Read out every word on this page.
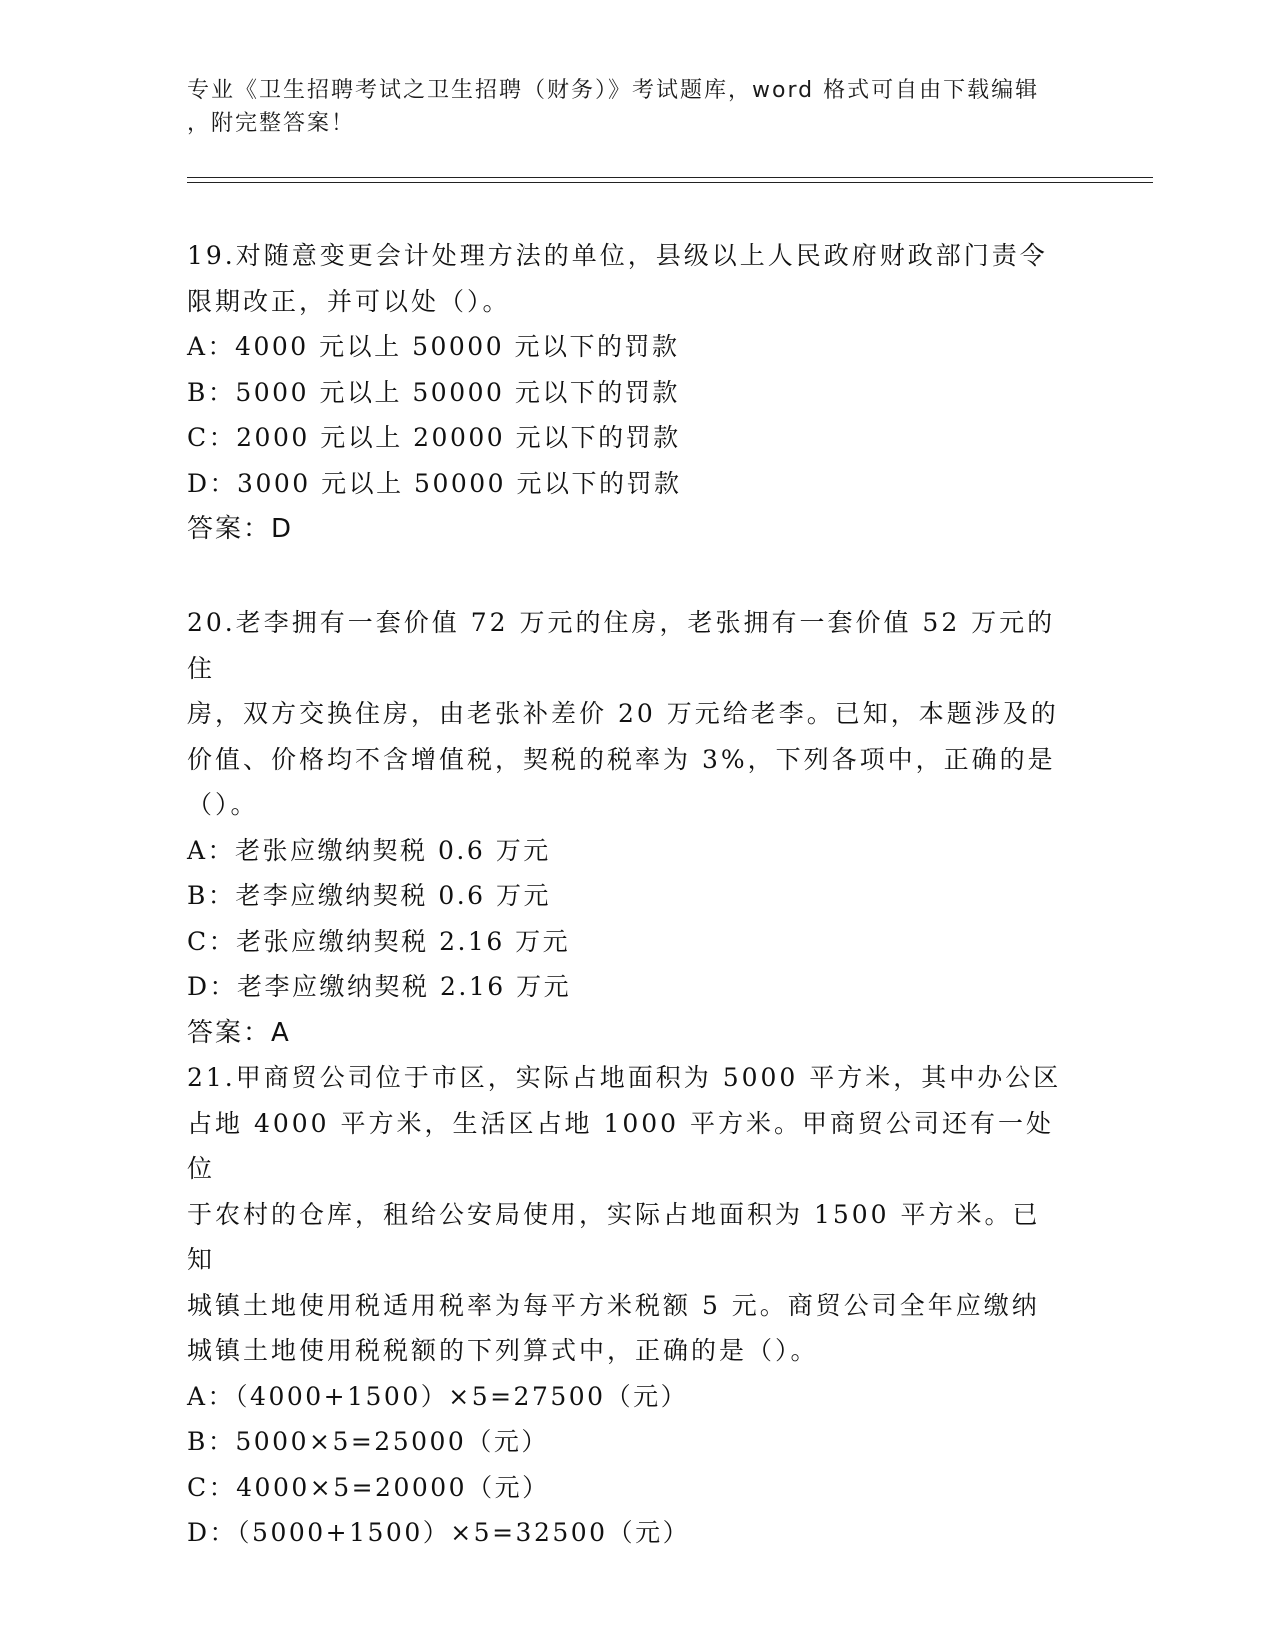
专业《卫生招聘考试之卫生招聘（财务）》考试题库，word 格式可自由下载编辑
，附完整答案！

19.对随意变更会计处理方法的单位，县级以上人民政府财政部门责令

限期改正，并可以处（）。

A：4000 元以上 50000 元以下的罚款

B：5000 元以上 50000 元以下的罚款

C：2000 元以上 20000 元以下的罚款

D：3000 元以上 50000 元以下的罚款

答案：D

20.老李拥有一套价值 72 万元的住房，老张拥有一套价值 52 万元的住

房，双方交换住房，由老张补差价 20 万元给老李。已知，本题涉及的

价值、价格均不含增值税，契税的税率为 3%，下列各项中，正确的是

（）。

A：老张应缴纳契税 0.6 万元

B：老李应缴纳契税 0.6 万元

C：老张应缴纳契税 2.16 万元

D：老李应缴纳契税 2.16 万元

答案：A

21.甲商贸公司位于市区，实际占地面积为 5000 平方米，其中办公区

占地 4000 平方米，生活区占地 1000 平方米。甲商贸公司还有一处位

于农村的仓库，租给公安局使用，实际占地面积为 1500 平方米。已知

城镇土地使用税适用税率为每平方米税额 5 元。商贸公司全年应缴纳

城镇土地使用税税额的下列算式中，正确的是（）。

A：（4000+1500）×5=27500（元）

B：5000×5=25000（元）

C：4000×5=20000（元）

D：（5000+1500）×5=32500（元）
